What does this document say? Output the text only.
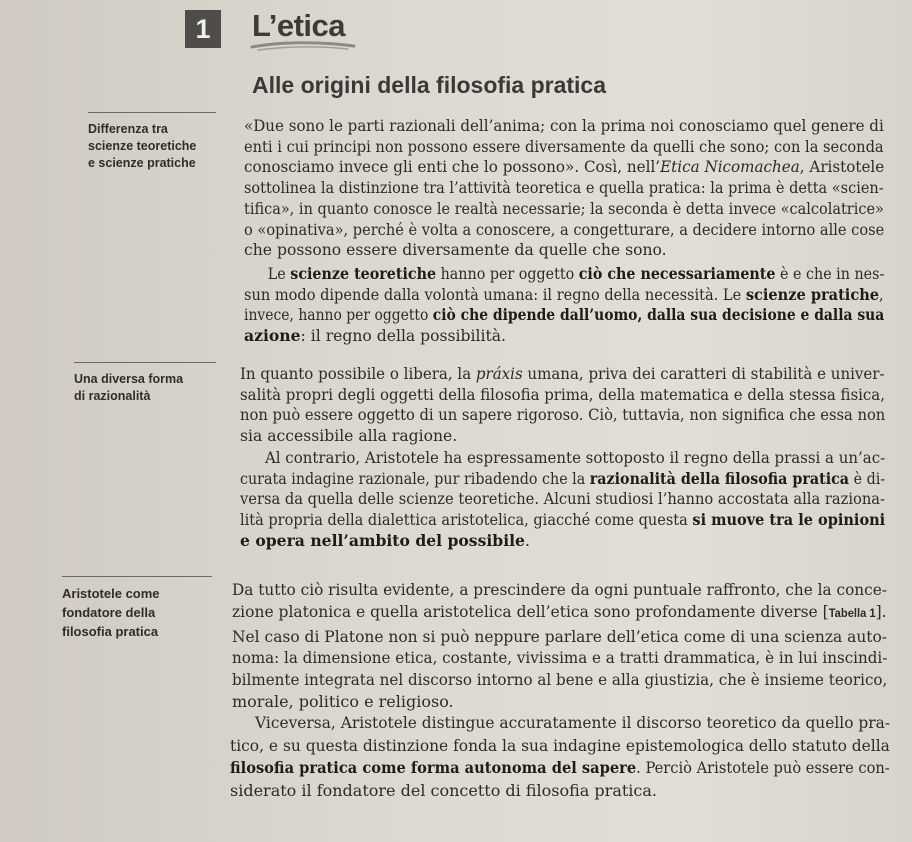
1	L’etica
Alle origini della filosofia pratica
Differenza tra
scienze teoretiche
e scienze pratiche
«Due sono le parti razionali dell’anima; con la prima noi conosciamo quel genere di
enti i cui principi non possono essere diversamente da quelli che sono; con la seconda
conosciamo invece gli enti che lo possono». Così, nell’Etica Nicomachea, Aristotele
sottolinea la distinzione tra l’attività teoretica e quella pratica: la prima è detta «scien-
tifica», in quanto conosce le realtà necessarie; la seconda è detta invece «calcolatrice»
o «opinativa», perché è volta a conoscere, a congetturare, a decidere intorno alle cose
che possono essere diversamente da quelle che sono.
Le scienze teoretiche hanno per oggetto ciò che necessariamente è e che in nes-
sun modo dipende dalla volontà umana: il regno della necessità. Le scienze pratiche,
invece, hanno per oggetto ciò che dipende dall’uomo, dalla sua decisione e dalla sua
azione: il regno della possibilità.
Una diversa forma
di razionalità
In quanto possibile o libera, la práxis umana, priva dei caratteri di stabilità e univer-
salità propri degli oggetti della filosofia prima, della matematica e della stessa fisica,
non può essere oggetto di un sapere rigoroso. Ciò, tuttavia, non significa che essa non
sia accessibile alla ragione.
Al contrario, Aristotele ha espressamente sottoposto il regno della prassi a un’ac-
curata indagine razionale, pur ribadendo che la razionalità della filosofia pratica è di-
versa da quella delle scienze teoretiche. Alcuni studiosi l’hanno accostata alla raziona-
lità propria della dialettica aristotelica, giacché come questa si muove tra le opinioni
e opera nell’ambito del possibile.
Aristotele come
fondatore della
filosofia pratica
Da tutto ciò risulta evidente, a prescindere da ogni puntuale raffronto, che la conce-
zione platonica e quella aristotelica dell’etica sono profondamente diverse [Tabella 1].
Nel caso di Platone non si può neppure parlare dell’etica come di una scienza auto-
noma: la dimensione etica, costante, vivissima e a tratti drammatica, è in lui inscindi-
bilmente integrata nel discorso intorno al bene e alla giustizia, che è insieme teorico,
morale, politico e religioso.
Viceversa, Aristotele distingue accuratamente il discorso teoretico da quello pra-
tico, e su questa distinzione fonda la sua indagine epistemologica dello statuto della
filosofia pratica come forma autonoma del sapere. Perciò Aristotele può essere con-
siderato il fondatore del concetto di filosofia pratica.
